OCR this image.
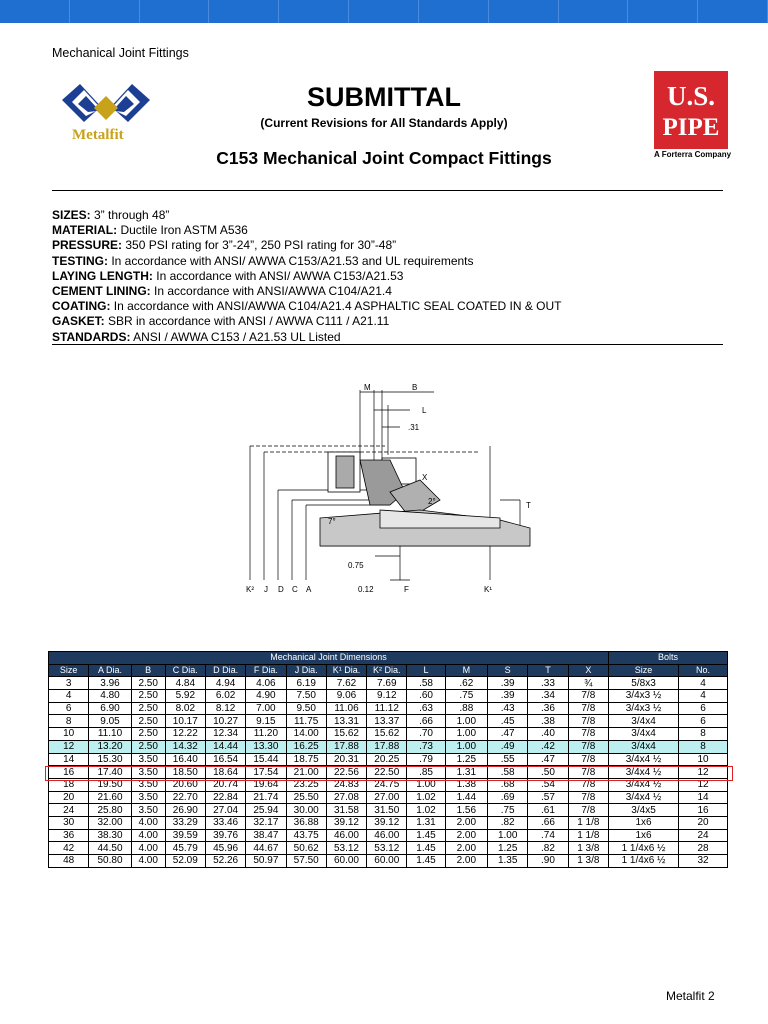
Mechanical Joint Fittings
Metalfit
SUBMITTAL
(Current Revisions for All Standards Apply)
C153 Mechanical Joint Compact Fittings
U.S.
PIPE
A Forterra Company
SIZES: 3” through 48”
MATERIAL: Ductile Iron ASTM A536
PRESSURE: 350 PSI rating for 3”-24”, 250 PSI rating for 30”-48”
TESTING: In accordance with ANSI/ AWWA C153/A21.53 and UL requirements
LAYING LENGTH: In accordance with ANSI/ AWWA C153/A21.53
CEMENT LINING: In accordance with ANSI/AWWA C104/A21.4
COATING: In accordance with ANSI/AWWA C104/A21.4 ASPHALTIC SEAL COATED IN & OUT
GASKET: SBR in accordance with ANSI / AWWA C111 / A21.11
STANDARDS: ANSI / AWWA C153 / A21.53 UL Listed
M	B
L
.31
X
T
2°
7°
0.75
0.12	F
K² J D C A	K¹
Mechanical Joint Dimensions														Bolts	
Size	A Dia.	B	C Dia.	D Dia.	F Dia.	J Dia.	K¹ Dia.	K² Dia.	L	M	S	T	X	Size	No.
3	3.96	2.50	4.84	4.94	4.06	6.19	7.62	7.69	.58	.62	.39	.33	¾	5/8x3	4
4	4.80	2.50	5.92	6.02	4.90	7.50	9.06	9.12	.60	.75	.39	.34	7/8	3/4x3 ½	4
6	6.90	2.50	8.02	8.12	7.00	9.50	11.06	11.12	.63	.88	.43	.36	7/8	3/4x3 ½	6
8	9.05	2.50	10.17	10.27	9.15	11.75	13.31	13.37	.66	1.00	.45	.38	7/8	3/4x4	6
10	11.10	2.50	12.22	12.34	11.20	14.00	15.62	15.62	.70	1.00	.47	.40	7/8	3/4x4	8
12	13.20	2.50	14.32	14.44	13.30	16.25	17.88	17.88	.73	1.00	.49	.42	7/8	3/4x4	8
14	15.30	3.50	16.40	16.54	15.44	18.75	20.31	20.25	.79	1.25	.55	.47	7/8	3/4x4 ½	10
16	17.40	3.50	18.50	18.64	17.54	21.00	22.56	22.50	.85	1.31	.58	.50	7/8	3/4x4 ½	12
18	19.50	3.50	20.60	20.74	19.64	23.25	24.83	24.75	1.00	1.38	.68	.54	7/8	3/4x4 ½	12
20	21.60	3.50	22.70	22.84	21.74	25.50	27.08	27.00	1.02	1.44	.69	.57	7/8	3/4x4 ½	14
24	25.80	3.50	26.90	27.04	25.94	30.00	31.58	31.50	1.02	1.56	.75	.61	7/8	3/4x5	16
30	32.00	4.00	33.29	33.46	32.17	36.88	39.12	39.12	1.31	2.00	.82	.66	1 1/8	1x6	20
36	38.30	4.00	39.59	39.76	38.47	43.75	46.00	46.00	1.45	2.00	1.00	.74	1 1/8	1x6	24
42	44.50	4.00	45.79	45.96	44.67	50.62	53.12	53.12	1.45	2.00	1.25	.82	1 3/8	1 1/4x6 ½	28
48	50.80	4.00	52.09	52.26	50.97	57.50	60.00	60.00	1.45	2.00	1.35	.90	1 3/8	1 1/4x6 ½	32
Metalfit 2
